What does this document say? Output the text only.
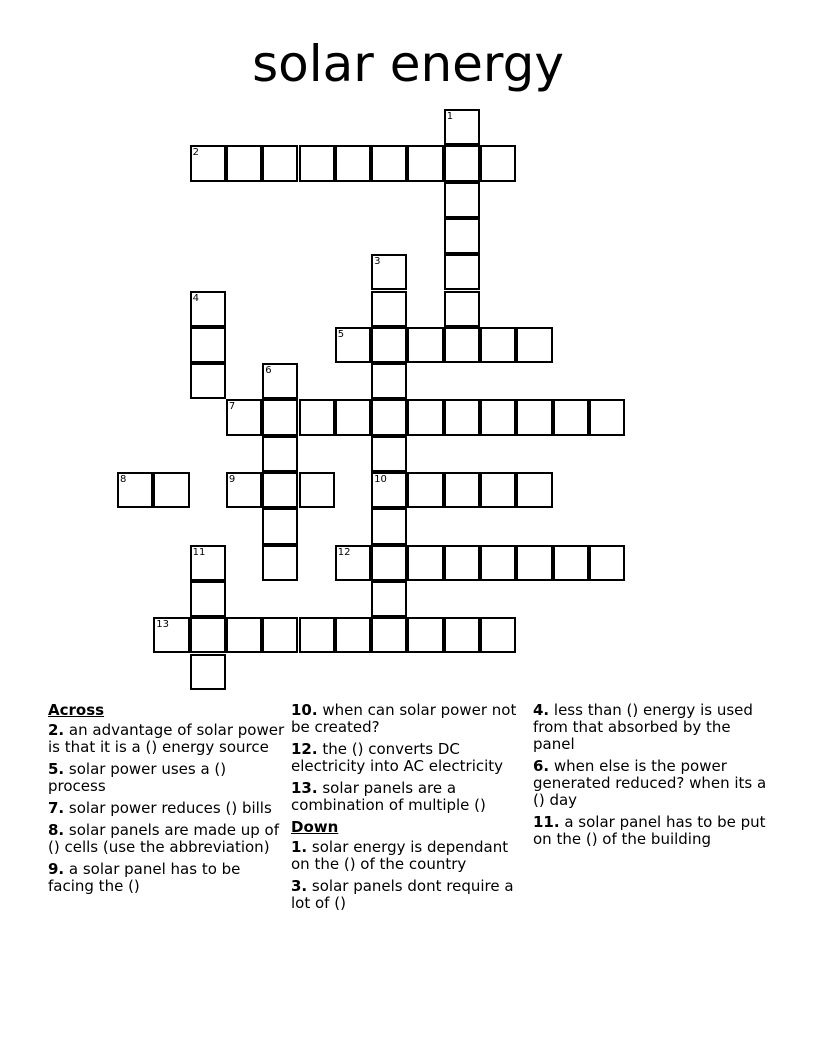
solar energy
1
2
3
4
5
6
7
8	9	10
11	12
13
Across
2. an advantage of solar power is that it is a () energy source
5. solar power uses a () process
7. solar power reduces () bills
8. solar panels are made up of () cells (use the abbreviation)
9. a solar panel has to be facing the ()
10. when can solar power not be created?
12. the () converts DC electricity into AC electricity
13. solar panels are a combination of multiple ()
Down
1. solar energy is dependant on the () of the country
3. solar panels dont require a lot of ()
4. less than () energy is used from that absorbed by the panel
6. when else is the power generated reduced? when its a () day
11. a solar panel has to be put on the () of the building
